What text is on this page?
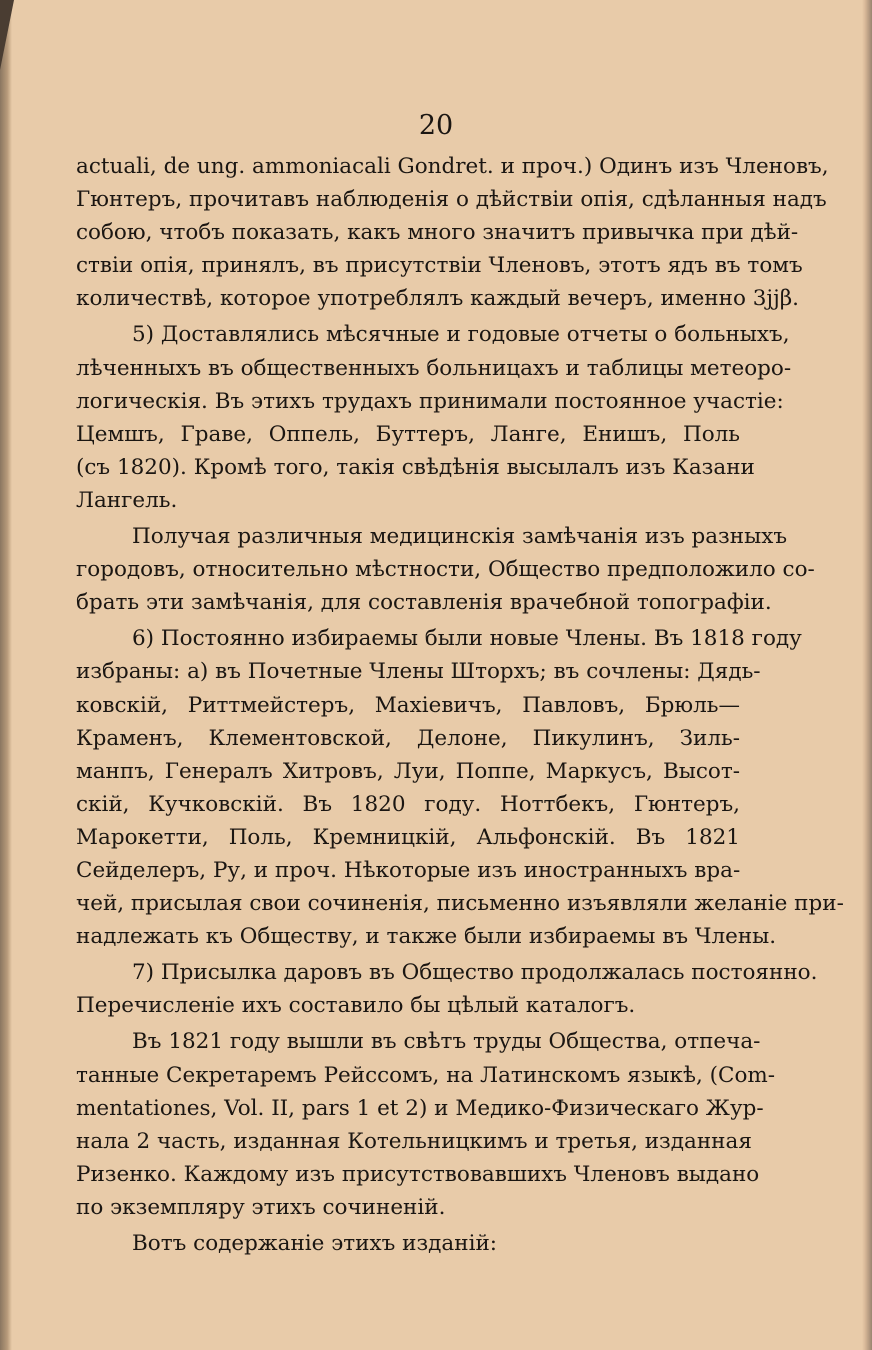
20
actuali, de ung. ammoniacali Gondret. и проч.) Одинъ изъ Членовъ,
Гюнтеръ, прочитавъ наблюденія о дѣйствіи опія, сдѣланныя надъ
собою, чтобъ показать, какъ много значитъ привычка при дѣй-
ствіи опія, принялъ, въ присутствіи Членовъ, этотъ ядъ въ томъ
количествѣ, которое употреблялъ каждый вечеръ, именно 3jjβ.
5) Доставлялись мѣсячные и годовые отчеты о больныхъ,
лѣченныхъ въ общественныхъ больницахъ и таблицы метеоро-
логическія. Въ этихъ трудахъ принимали постоянное участіе:
Цемшъ, Граве, Оппель, Буттеръ, Ланге, Енишъ, Поль
(съ 1820). Кромѣ того, такія свѣдѣнія высылалъ изъ Казани
Лангель.
Получая различныя медицинскія замѣчанія изъ разныхъ
городовъ, относительно мѣстности, Общество предположило со-
брать эти замѣчанія, для составленія врачебной топографіи.
6) Постоянно избираемы были новые Члены. Въ 1818 году
избраны: а) въ Почетные Члены Шторхъ; въ сочлены: Дядь-
ковскій, Риттмейстеръ, Махіевичъ, Павловъ, Брюль—
Краменъ, Клементовской, Делоне, Пикулинъ, Зиль-
манпъ, Генералъ Хитровъ, Луи, Поппе, Маркусъ, Высот-
скій, Кучковскій. Въ 1820 году. Ноттбекъ, Гюнтеръ,
Марокетти, Поль, Кремницкій, Альфонскій. Въ 1821
Сейделеръ, Ру, и проч. Нѣкоторые изъ иностранныхъ вра-
чей, присылая свои сочиненія, письменно изъявляли желаніе при-
надлежать къ Обществу, и также были избираемы въ Члены.
7) Присылка даровъ въ Общество продолжалась постоянно.
Перечисленіе ихъ составило бы цѣлый каталогъ.
Въ 1821 году вышли въ свѣтъ труды Общества, отпеча-
танные Секретаремъ Рейссомъ, на Латинскомъ языкѣ, (Com-
mentationes, Vol. II, pars 1 et 2) и Медико-Физическаго Жур-
нала 2 часть, изданная Котельницкимъ и третья, изданная
Ризенко. Каждому изъ присутствовавшихъ Членовъ выдано
по экземпляру этихъ сочиненій.
Вотъ содержаніе этихъ изданій:
